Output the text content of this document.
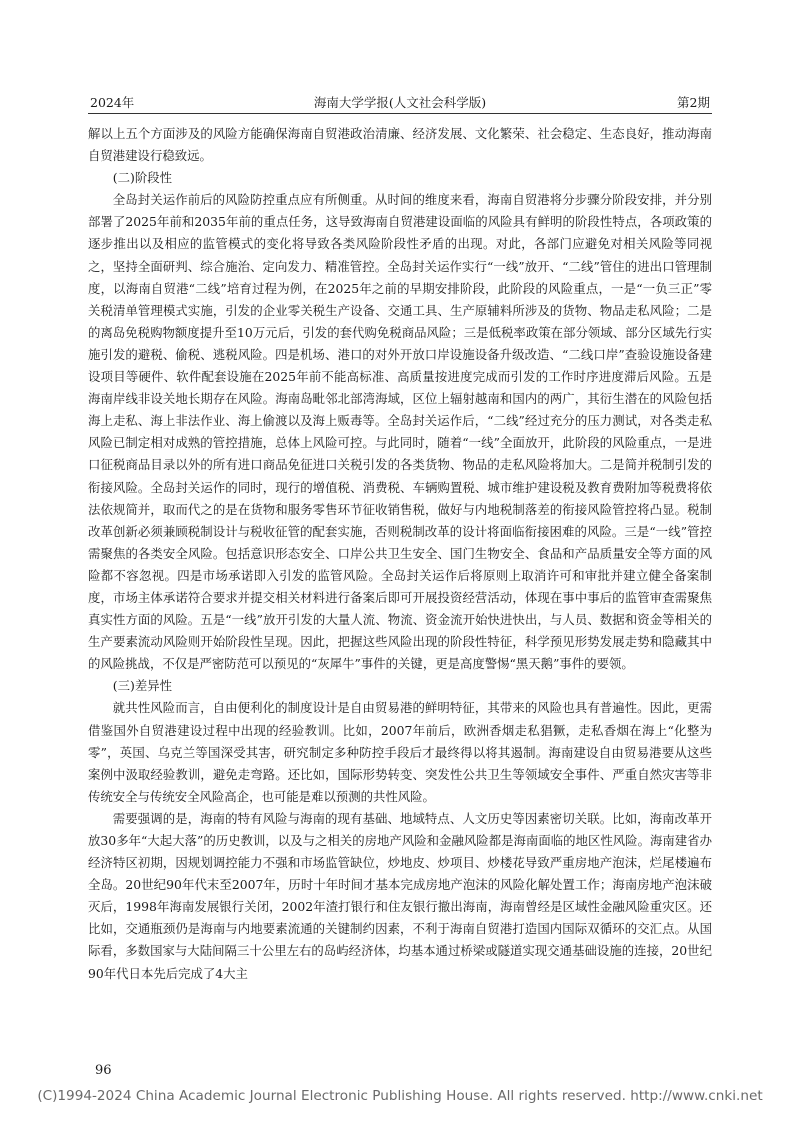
2024年	海南大学学报(人文社会科学版)	第2期

解以上五个方面涉及的风险方能确保海南自贸港政治清廉、经济发展、文化繁荣、社会稳定、生态良好，推动海南自贸港建设行稳致远。

(二)阶段性

全岛封关运作前后的风险防控重点应有所侧重。从时间的维度来看，海南自贸港将分步骤分阶段安排，并分别部署了2025年前和2035年前的重点任务，这导致海南自贸港建设面临的风险具有鲜明的阶段性特点，各项政策的逐步推出以及相应的监管模式的变化将导致各类风险阶段性矛盾的出现。对此，各部门应避免对相关风险等同视之，坚持全面研判、综合施治、定向发力、精准管控。全岛封关运作实行“一线”放开、“二线”管住的进出口管理制度，以海南自贸港“二线”培育过程为例，在2025年之前的早期安排阶段，此阶段的风险重点，一是“一负三正”零关税清单管理模式实施，引发的企业零关税生产设备、交通工具、生产原辅料所涉及的货物、物品走私风险；二是的离岛免税购物额度提升至10万元后，引发的套代购免税商品风险；三是低税率政策在部分领域、部分区域先行实施引发的避税、偷税、逃税风险。四是机场、港口的对外开放口岸设施设备升级改造、“二线口岸”查验设施设备建设项目等硬件、软件配套设施在2025年前不能高标准、高质量按进度完成而引发的工作时序进度滞后风险。五是海南岸线非设关地长期存在风险。海南岛毗邻北部湾海域，区位上辐射越南和国内的两广，其衍生潜在的风险包括海上走私、海上非法作业、海上偷渡以及海上贩毒等。全岛封关运作后，“二线”经过充分的压力测试，对各类走私风险已制定相对成熟的管控措施，总体上风险可控。与此同时，随着“一线”全面放开，此阶段的风险重点，一是进口征税商品目录以外的所有进口商品免征进口关税引发的各类货物、物品的走私风险将加大。二是简并税制引发的衔接风险。全岛封关运作的同时，现行的增值税、消费税、车辆购置税、城市维护建设税及教育费附加等税费将依法依规简并，取而代之的是在货物和服务零售环节征收销售税，做好与内地税制落差的衔接风险管控将凸显。税制改革创新必须兼顾税制设计与税收征管的配套实施，否则税制改革的设计将面临衔接困难的风险。三是“一线”管控需聚焦的各类安全风险。包括意识形态安全、口岸公共卫生安全、国门生物安全、食品和产品质量安全等方面的风险都不容忽视。四是市场承诺即入引发的监管风险。全岛封关运作后将原则上取消许可和审批并建立健全备案制度，市场主体承诺符合要求并提交相关材料进行备案后即可开展投资经营活动，体现在事中事后的监管审查需聚焦真实性方面的风险。五是“一线”放开引发的大量人流、物流、资金流开始快进快出，与人员、数据和资金等相关的生产要素流动风险则开始阶段性呈现。因此，把握这些风险出现的阶段性特征，科学预见形势发展走势和隐藏其中的风险挑战，不仅是严密防范可以预见的“灰犀牛”事件的关键，更是高度警惕“黑天鹅”事件的要领。

(三)差异性

就共性风险而言，自由便利化的制度设计是自由贸易港的鲜明特征，其带来的风险也具有普遍性。因此，更需借鉴国外自贸港建设过程中出现的经验教训。比如，2007年前后，欧洲香烟走私猖獗，走私香烟在海上“化整为零”，英国、乌克兰等国深受其害，研究制定多种防控手段后才最终得以将其遏制。海南建设自由贸易港要从这些案例中汲取经验教训，避免走弯路。还比如，国际形势转变、突发性公共卫生等领域安全事件、严重自然灾害等非传统安全与传统安全风险高企，也可能是难以预测的共性风险。

需要强调的是，海南的特有风险与海南的现有基础、地域特点、人文历史等因素密切关联。比如，海南改革开放30多年“大起大落”的历史教训，以及与之相关的房地产风险和金融风险都是海南面临的地区性风险。海南建省办经济特区初期，因规划调控能力不强和市场监管缺位，炒地皮、炒项目、炒楼花导致严重房地产泡沫，烂尾楼遍布全岛。20世纪90年代末至2007年，历时十年时间才基本完成房地产泡沫的风险化解处置工作；海南房地产泡沫破灭后，1998年海南发展银行关闭，2002年渣打银行和住友银行撤出海南，海南曾经是区域性金融风险重灾区。还比如，交通瓶颈仍是海南与内地要素流通的关键制约因素，不利于海南自贸港打造国内国际双循环的交汇点。从国际看，多数国家与大陆间隔三十公里左右的岛屿经济体，均基本通过桥梁或隧道实现交通基础设施的连接，20世纪90年代日本先后完成了4大主

96
(C)1994-2024 China Academic Journal Electronic Publishing House. All rights reserved. http://www.cnki.net
